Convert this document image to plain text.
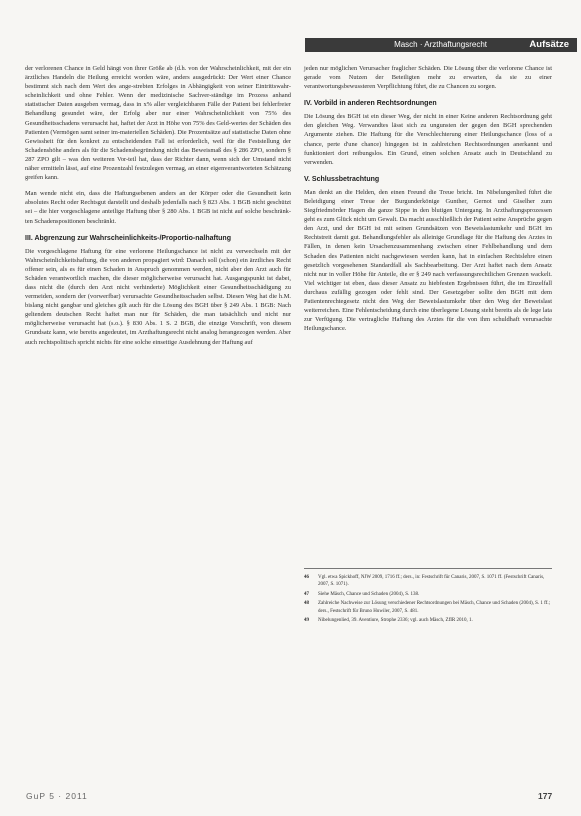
Masch · Arzthaftungsrecht	Aufsätze

der verlorenen Chance in Geld hängt von ihrer Größe ab (d.h. von der Wahrscheinlichkeit, mit der ein ärztliches Handeln die Heilung erreicht worden wäre, anders ausgedrückt: Der Wert einer Chance bestimmt sich nach dem Wert des ange-strebten Erfolges in Abhängigkeit von seiner Eintrittswahr-scheinlichkeit und ohne Fehler. Wenn der medizinische Sachver-ständige im Prozess anhand statistischer Daten ausgeben vermag, dass in x% aller vergleichbaren Fälle der Patient bei fehlerfreier Behandlung gesundet wäre, der Erfolg aber nur einer Wahrscheinlichkeit von 75% des Gesundheitsschadens verursacht hat, haftet der Arzt in Höhe von 75% des Geld-wertes der Schäden des Patienten (Vermögen samt seiner im-materiellen Schäden). Die Prozentsätze auf statistische Daten ohne Gewissheit für den konkret zu entscheidenden Fall ist erforderlich, weil für die Feststellung der Schadenshöhe anders als für die Schadensbegründung nicht das Beweismaß des § 286 ZPO, sondern § 287 ZPO gilt – was den weiteren Vor-teil hat, dass der Richter dann, wenn sich der Umstand nicht näher ermitteln lässt, auf eine Prozentzahl festzulegen vermag, an einer eigenverantworteten Schätzung greifen kann.

Man wende nicht ein, dass die Haftungsebenen anders an der Körper oder die Gesundheit kein absolutes Recht oder Rechtsgut darstellt und deshalb jedenfalls nach § 823 Abs. 1 BGB nicht geschützt sei – die hier vorgeschlagene anteilige Haftung über § 280 Abs. 1 BGB ist nicht auf solche beschränk-ten Schadenspositionen beschränkt.

III. Abgrenzung zur Wahrscheinlichkeits-/Proportio-nalhaftung

Die vorgeschlagene Haftung für eine verlorene Heilungschance ist nicht zu verwechseln mit der Wahrscheinlichkeitshaftung, die von anderen propagiert wird: Danach soll (schon) ein ärztliches Recht offener sein, als es für einen Schaden in Anspruch genommen werden, nicht aber den Arzt auch für Schäden verantwortlich machen, die dieser möglicherweise verursacht hat. Ausgangspunkt ist dabei, dass nicht die (durch den Arzt nicht verhinderte) Möglichkeit einer Gesundheitsschädigung zu vermeiden, sondern der (vorwerfbar) verursachte Gesundheitsschaden selbst. Diesen Weg hat die h.M. bislang nicht gangbar und gleiches gilt auch für die Lösung des BGH über § 249 Abs. 1 BGB: Nach geltendem deutschen Recht haftet man nur für Schäden, die man tatsächlich und nicht nur möglicherweise verursacht hat (s.o.). § 830 Abs. 1 S. 2 BGB, die einzige Vorschrift, von diesem Grundsatz kann, wie bereits angedeutet, im Arzthaftungsrecht nicht analog herangezogen werden. Aber auch rechtspolitisch spricht nichts für eine solche einseitige Ausdehnung der Haftung auf

jeden nur möglichen Verursacher fraglicher Schäden. Die Lösung über die verlorene Chance ist gerade vom Nutzen der Beteiligten mehr zu erwarten, da sie zu einer verantwortungsbewussteren Verpflichtung führt, die zu Chancen zu sorgen.

IV. Vorbild in anderen Rechtsordnungen

Die Lösung des BGH ist ein dieser Weg, der nicht in einer Keine anderen Rechtsordnung geht den gleichen Weg. Verwandtes lässt sich zu ungunsten der gegen den BGH sprechenden Argumente ziehen. Die Haftung für die Verschlechterung einer Heilungschance (loss of a chance, perte d'une chance) hingegen ist in zahlreichen Rechtsordnungen anerkannt und funktioniert dort reibungslos. Ein Grund, einen solchen Ansatz auch in Deutschland zu verwenden.

V. Schlussbetrachtung

Man denkt an die Helden, den einen Freund die Treue bricht. Im Nibelungenlied führt die Beleidigung einer Treue der Burgunderkönige Gunther, Gernot und Giselher zum Siegfriedmörder Hagen die ganze Sippe in den blutigen Untergang. In Arzthaftungsprozessen geht es zum Glück nicht um Gewalt. Da macht ausschließlich der Patient seine Ansprüche gegen den Arzt, und der BGH ist mit seinen Grundsätzen von Beweislastumkehr und BGH im Rechtstreit damit gut. Behandlungsfehler als alleinige Grundlage für die Haftung des Arztes in Fällen, in denen kein Ursachenzusammenhang zwischen einer Fehlbehandlung und dem Schaden des Patienten nicht nachgewiesen werden kann, hat in einfachen Rechtslehre einen gesetzlich vorgesehenen Standardfall als Sachbearbeitung. Der Arzt haftet nach dem Ansatz nicht nur in voller Höhe für Anteile, die er § 249 nach verfassungsrechtlichen Grenzen wackelt. Viel wichtiger ist eben, dass dieser Ansatz zu hiebfesten Ergebnissen führt, die im Einzelfall durchaus zufällig gezogen oder fehlt sind. Der Gesetzgeber sollte den BGH mit dem Patientenrechtegesetz nicht den Weg der Beweislastumkehr über den Weg der Beweislast weiterreichen. Eine Fehlentscheidung durch eine überlegene Lösung steht bereits als de lege lata zur Verfügung. Die vertragliche Haftung des Arztes für die von ihm schuldhaft verursachte Heilungschance.

46	Vgl. etwa Spickhoff, NJW 2009, 1716 ff.; ders., in: Festschrift für Canaris, 2007, S. 1071 ff. (Festschrift Canaris, 2007, S. 1071).
47	Siehe Mäsch, Chance und Schaden (2004), S. 138.
48	Zahlreiche Nachweise zur Lösung verschiedener Rechtsordnungen bei Mäsch, Chance und Schaden (2004), S. 1 ff.; ders., Festschrift für Bruno Huwiler, 2007, S. 481.
49	Nibelungenlied, 39. Aventiure, Strophe 2336; vgl. auch Mäsch, ZfIR 2010, 1.
GuP 5 · 2011	177
